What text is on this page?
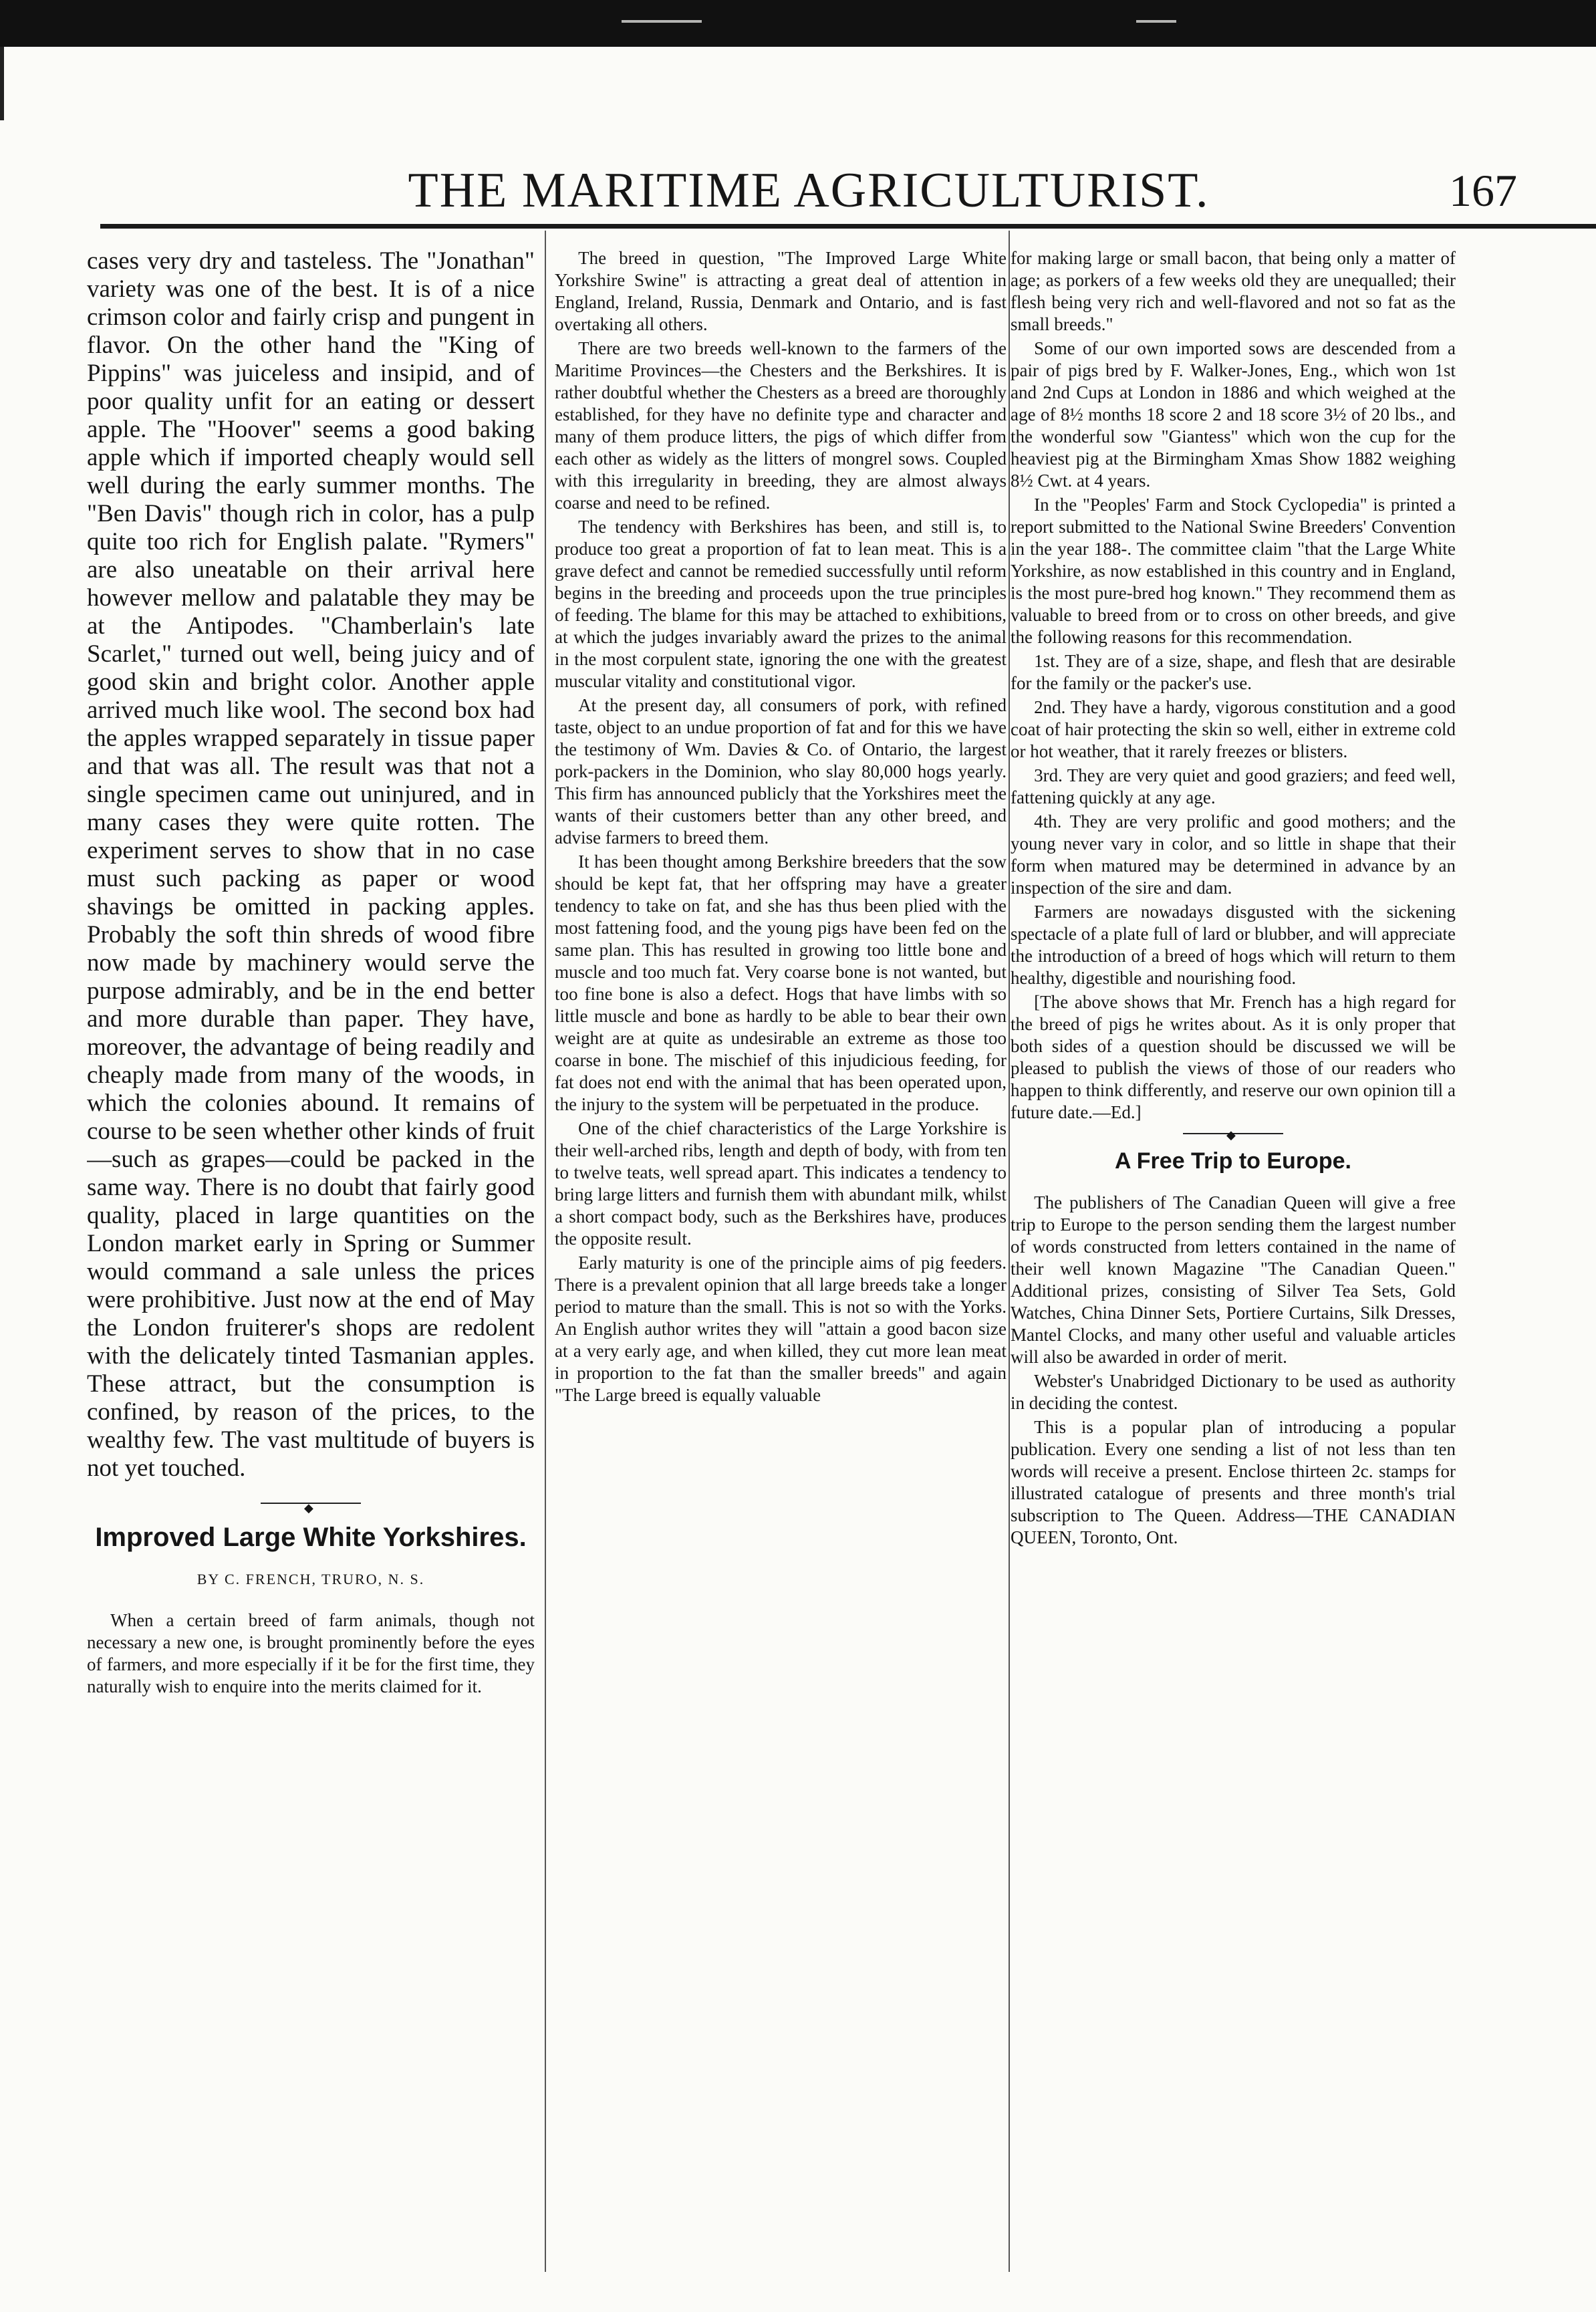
THE MARITIME AGRICULTURIST.	167

cases very dry and tasteless. The "Jonathan" variety was one of the best. It is of a nice crimson color and fairly crisp and pungent in flavor. On the other hand the "King of Pippins" was juiceless and insipid, and of poor quality unfit for an eating or dessert apple. The "Hoover" seems a good baking apple which if imported cheaply would sell well during the early summer months. The "Ben Davis" though rich in color, has a pulp quite too rich for English palate. "Rymers" are also uneatable on their arrival here however mellow and palatable they may be at the Antipodes. "Chamberlain's late Scarlet," turned out well, being juicy and of good skin and bright color. Another apple arrived much like wool. The second box had the apples wrapped separately in tissue paper and that was all. The result was that not a single specimen came out uninjured, and in many cases they were quite rotten. The experiment serves to show that in no case must such packing as paper or wood shavings be omitted in packing apples. Probably the soft thin shreds of wood fibre now made by machinery would serve the purpose admirably, and be in the end better and more durable than paper. They have, moreover, the advantage of being readily and cheaply made from many of the woods, in which the colonies abound. It remains of course to be seen whether other kinds of fruit—such as grapes—could be packed in the same way. There is no doubt that fairly good quality, placed in large quantities on the London market early in Spring or Summer would command a sale unless the prices were prohibitive. Just now at the end of May the London fruiterer's shops are redolent with the delicately tinted Tasmanian apples. These attract, but the consumption is confined, by reason of the prices, to the wealthy few. The vast multitude of buyers is not yet touched.

◆
Improved Large White Yorkshires.
BY C. FRENCH, TRURO, N. S.

When a certain breed of farm animals, though not necessary a new one, is brought prominently before the eyes of farmers, and more especially if it be for the first time, they naturally wish to enquire into the merits claimed for it.

The breed in question, "The Improved Large White Yorkshire Swine" is attracting a great deal of attention in England, Ireland, Russia, Denmark and Ontario, and is fast overtaking all others.

There are two breeds well-known to the farmers of the Maritime Provinces—the Chesters and the Berkshires. It is rather doubtful whether the Chesters as a breed are thoroughly established, for they have no definite type and character and many of them produce litters, the pigs of which differ from each other as widely as the litters of mongrel sows. Coupled with this irregularity in breeding, they are almost always coarse and need to be refined.

The tendency with Berkshires has been, and still is, to produce too great a proportion of fat to lean meat. This is a grave defect and cannot be remedied successfully until reform begins in the breeding and proceeds upon the true principles of feeding. The blame for this may be attached to exhibitions, at which the judges invariably award the prizes to the animal in the most corpulent state, ignoring the one with the greatest muscular vitality and constitutional vigor.

At the present day, all consumers of pork, with refined taste, object to an undue proportion of fat and for this we have the testimony of Wm. Davies & Co. of Ontario, the largest pork-packers in the Dominion, who slay 80,000 hogs yearly. This firm has announced publicly that the Yorkshires meet the wants of their customers better than any other breed, and advise farmers to breed them.

It has been thought among Berkshire breeders that the sow should be kept fat, that her offspring may have a greater tendency to take on fat, and she has thus been plied with the most fattening food, and the young pigs have been fed on the same plan. This has resulted in growing too little bone and muscle and too much fat. Very coarse bone is not wanted, but too fine bone is also a defect. Hogs that have limbs with so little muscle and bone as hardly to be able to bear their own weight are at quite as undesirable an extreme as those too coarse in bone. The mischief of this injudicious feeding, for fat does not end with the animal that has been operated upon, the injury to the system will be perpetuated in the produce.

One of the chief characteristics of the Large Yorkshire is their well-arched ribs, length and depth of body, with from ten to twelve teats, well spread apart. This indicates a tendency to bring large litters and furnish them with abundant milk, whilst a short compact body, such as the Berkshires have, produces the opposite result.

Early maturity is one of the principle aims of pig feeders. There is a prevalent opinion that all large breeds take a longer period to mature than the small. This is not so with the Yorks. An English author writes they will "attain a good bacon size at a very early age, and when killed, they cut more lean meat in proportion to the fat than the smaller breeds" and again "The Large breed is equally valuable

for making large or small bacon, that being only a matter of age; as porkers of a few weeks old they are unequalled; their flesh being very rich and well-flavored and not so fat as the small breeds."

Some of our own imported sows are descended from a pair of pigs bred by F. Walker-Jones, Eng., which won 1st and 2nd Cups at London in 1886 and which weighed at the age of 8½ months 18 score 2 and 18 score 3½ of 20 lbs., and the wonderful sow "Giantess" which won the cup for the heaviest pig at the Birmingham Xmas Show 1882 weighing 8½ Cwt. at 4 years.

In the "Peoples' Farm and Stock Cyclopedia" is printed a report submitted to the National Swine Breeders' Convention in the year 188-. The committee claim "that the Large White Yorkshire, as now established in this country and in England, is the most pure-bred hog known." They recommend them as valuable to breed from or to cross on other breeds, and give the following reasons for this recommendation.

1st. They are of a size, shape, and flesh that are desirable for the family or the packer's use.

2nd. They have a hardy, vigorous constitution and a good coat of hair protecting the skin so well, either in extreme cold or hot weather, that it rarely freezes or blisters.

3rd. They are very quiet and good graziers; and feed well, fattening quickly at any age.

4th. They are very prolific and good mothers; and the young never vary in color, and so little in shape that their form when matured may be determined in advance by an inspection of the sire and dam.

Farmers are nowadays disgusted with the sickening spectacle of a plate full of lard or blubber, and will appreciate the introduction of a breed of hogs which will return to them healthy, digestible and nourishing food.

[The above shows that Mr. French has a high regard for the breed of pigs he writes about. As it is only proper that both sides of a question should be discussed we will be pleased to publish the views of those of our readers who happen to think differently, and reserve our own opinion till a future date.—Ed.]

◆
A Free Trip to Europe.

The publishers of The Canadian Queen will give a free trip to Europe to the person sending them the largest number of words constructed from letters contained in the name of their well known Magazine "The Canadian Queen." Additional prizes, consisting of Silver Tea Sets, Gold Watches, China Dinner Sets, Portiere Curtains, Silk Dresses, Mantel Clocks, and many other useful and valuable articles will also be awarded in order of merit.

Webster's Unabridged Dictionary to be used as authority in deciding the contest.

This is a popular plan of introducing a popular publication. Every one sending a list of not less than ten words will receive a present. Enclose thirteen 2c. stamps for illustrated catalogue of presents and three month's trial subscription to The Queen. Address—THE CANADIAN QUEEN, Toronto, Ont.
